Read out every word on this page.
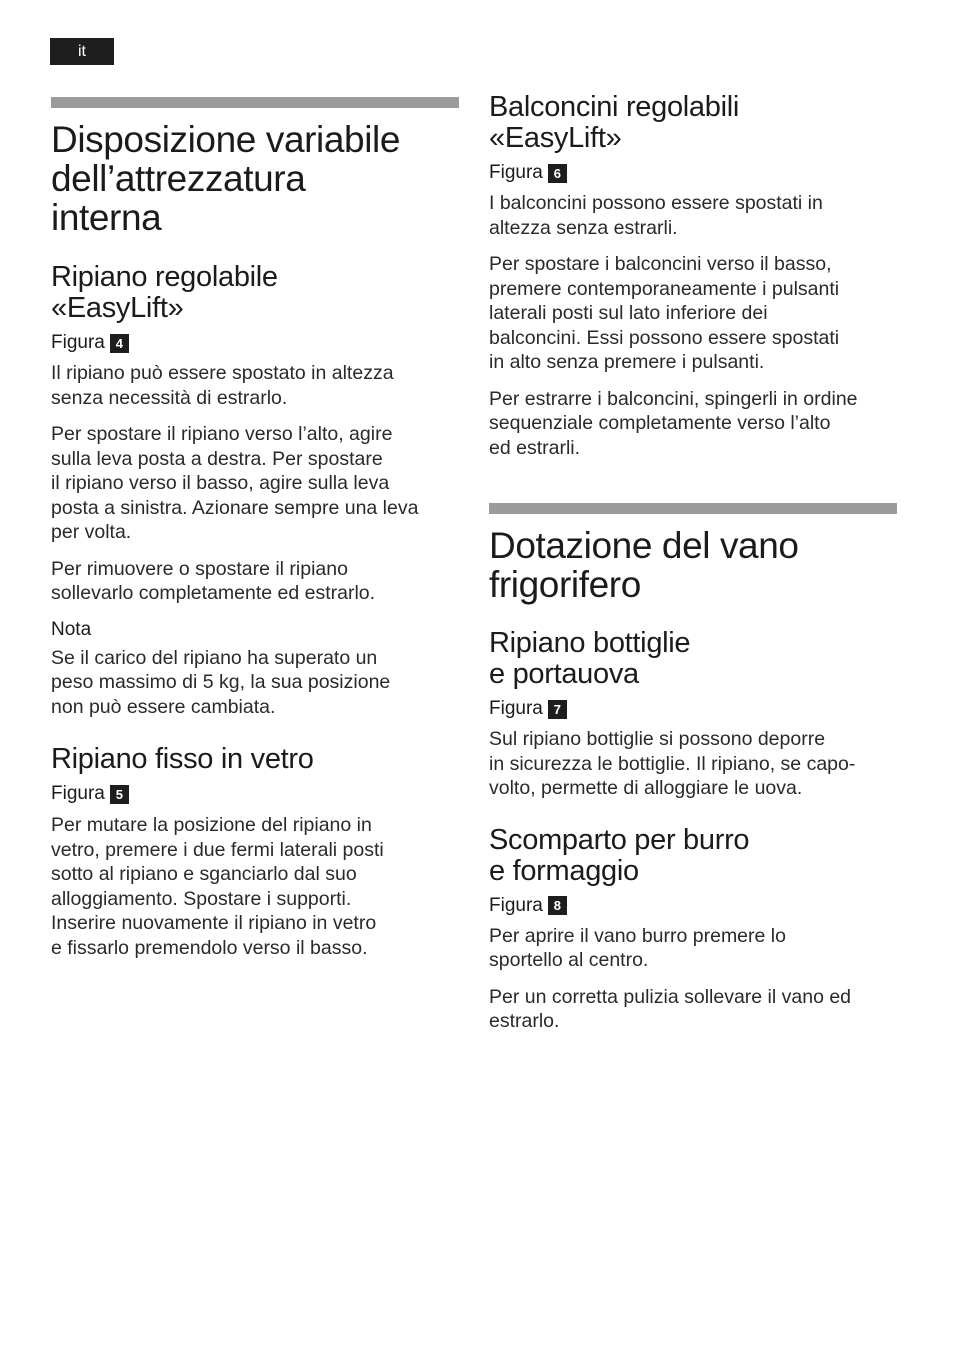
it
Disposizione variabile
dell’attrezzatura
interna
Ripiano regolabile
«EasyLift»
Figura 4

Il ripiano può essere spostato in altezza
senza necessità di estrarlo.

Per spostare il ripiano verso l’alto, agire
sulla leva posta a destra. Per spostare
il ripiano verso il basso, agire sulla leva
posta a sinistra. Azionare sempre una leva
per volta.

Per rimuovere o spostare il ripiano
sollevarlo completamente ed estrarlo.

Nota

Se il carico del ripiano ha superato un
peso massimo di 5 kg, la sua posizione
non può essere cambiata.

Ripiano fisso in vetro
Figura 5

Per mutare la posizione del ripiano in
vetro, premere i due fermi laterali posti
sotto al ripiano e sganciarlo dal suo
alloggiamento. Spostare i supporti.
Inserire nuovamente il ripiano in vetro
e fissarlo premendolo verso il basso.

Balconcini regolabili
«EasyLift»
Figura 6

I balconcini possono essere spostati in
altezza senza estrarli.

Per spostare i balconcini verso il basso,
premere contemporaneamente i pulsanti
laterali posti sul lato inferiore dei
balconcini. Essi possono essere spostati
in alto senza premere i pulsanti.

Per estrarre i balconcini, spingerli in ordine
sequenziale completamente verso l’alto
ed estrarli.

Dotazione del vano
frigorifero
Ripiano bottiglie
e portauova
Figura 7

Sul ripiano bottiglie si possono deporre
in sicurezza le bottiglie. Il ripiano, se capo-
volto, permette di alloggiare le uova.

Scomparto per burro
e formaggio
Figura 8

Per aprire il vano burro premere lo
sportello al centro.

Per un corretta pulizia sollevare il vano ed
estrarlo.
